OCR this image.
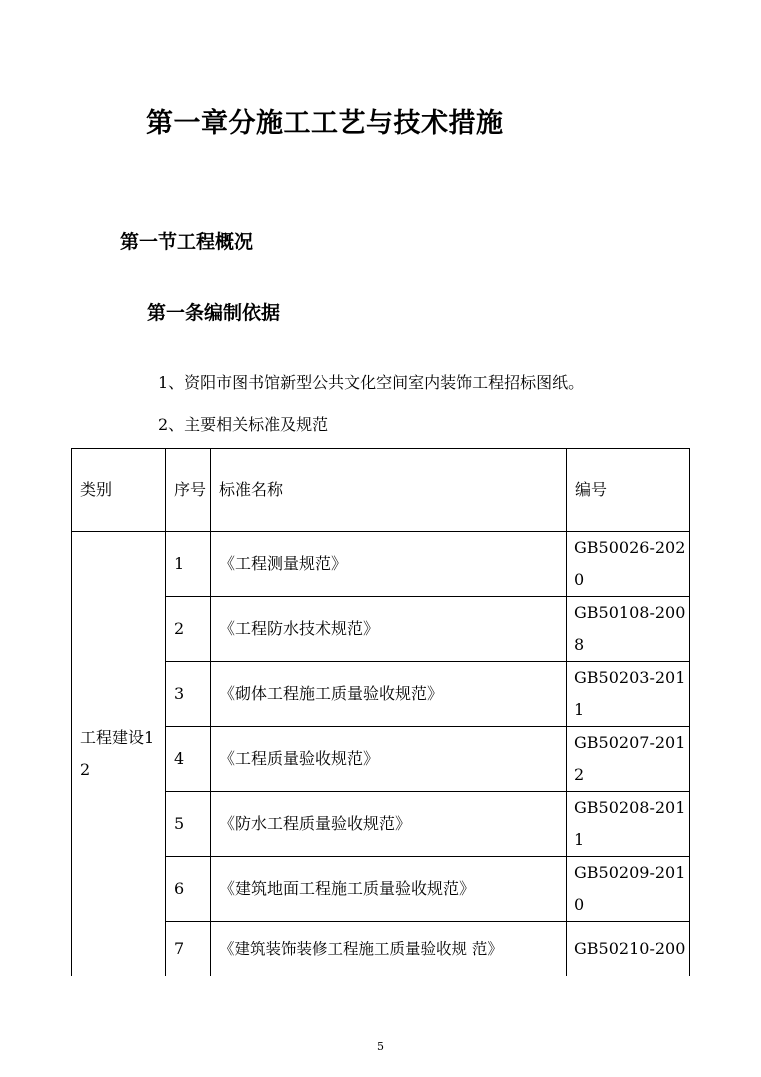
第一章分施工工艺与技术措施
第一节工程概况
第一条编制依据
1、资阳市图书馆新型公共文化空间室内装饰工程招标图纸。
2、主要相关标准及规范
类别	序号	标准名称	编号
工程建设12	1	《工程测量规范》	GB50026-2020
	2	《工程防水技术规范》	GB50108-2008
	3	《砌体工程施工质量验收规范》	GB50203-2011
	4	《工程质量验收规范》	GB50207-2012
	5	《防水工程质量验收规范》	GB50208-2011
	6	《建筑地面工程施工质量验收规范》	GB50209-2010
	7	《建筑装饰装修工程施工质量验收规 范》	GB50210-200
5
